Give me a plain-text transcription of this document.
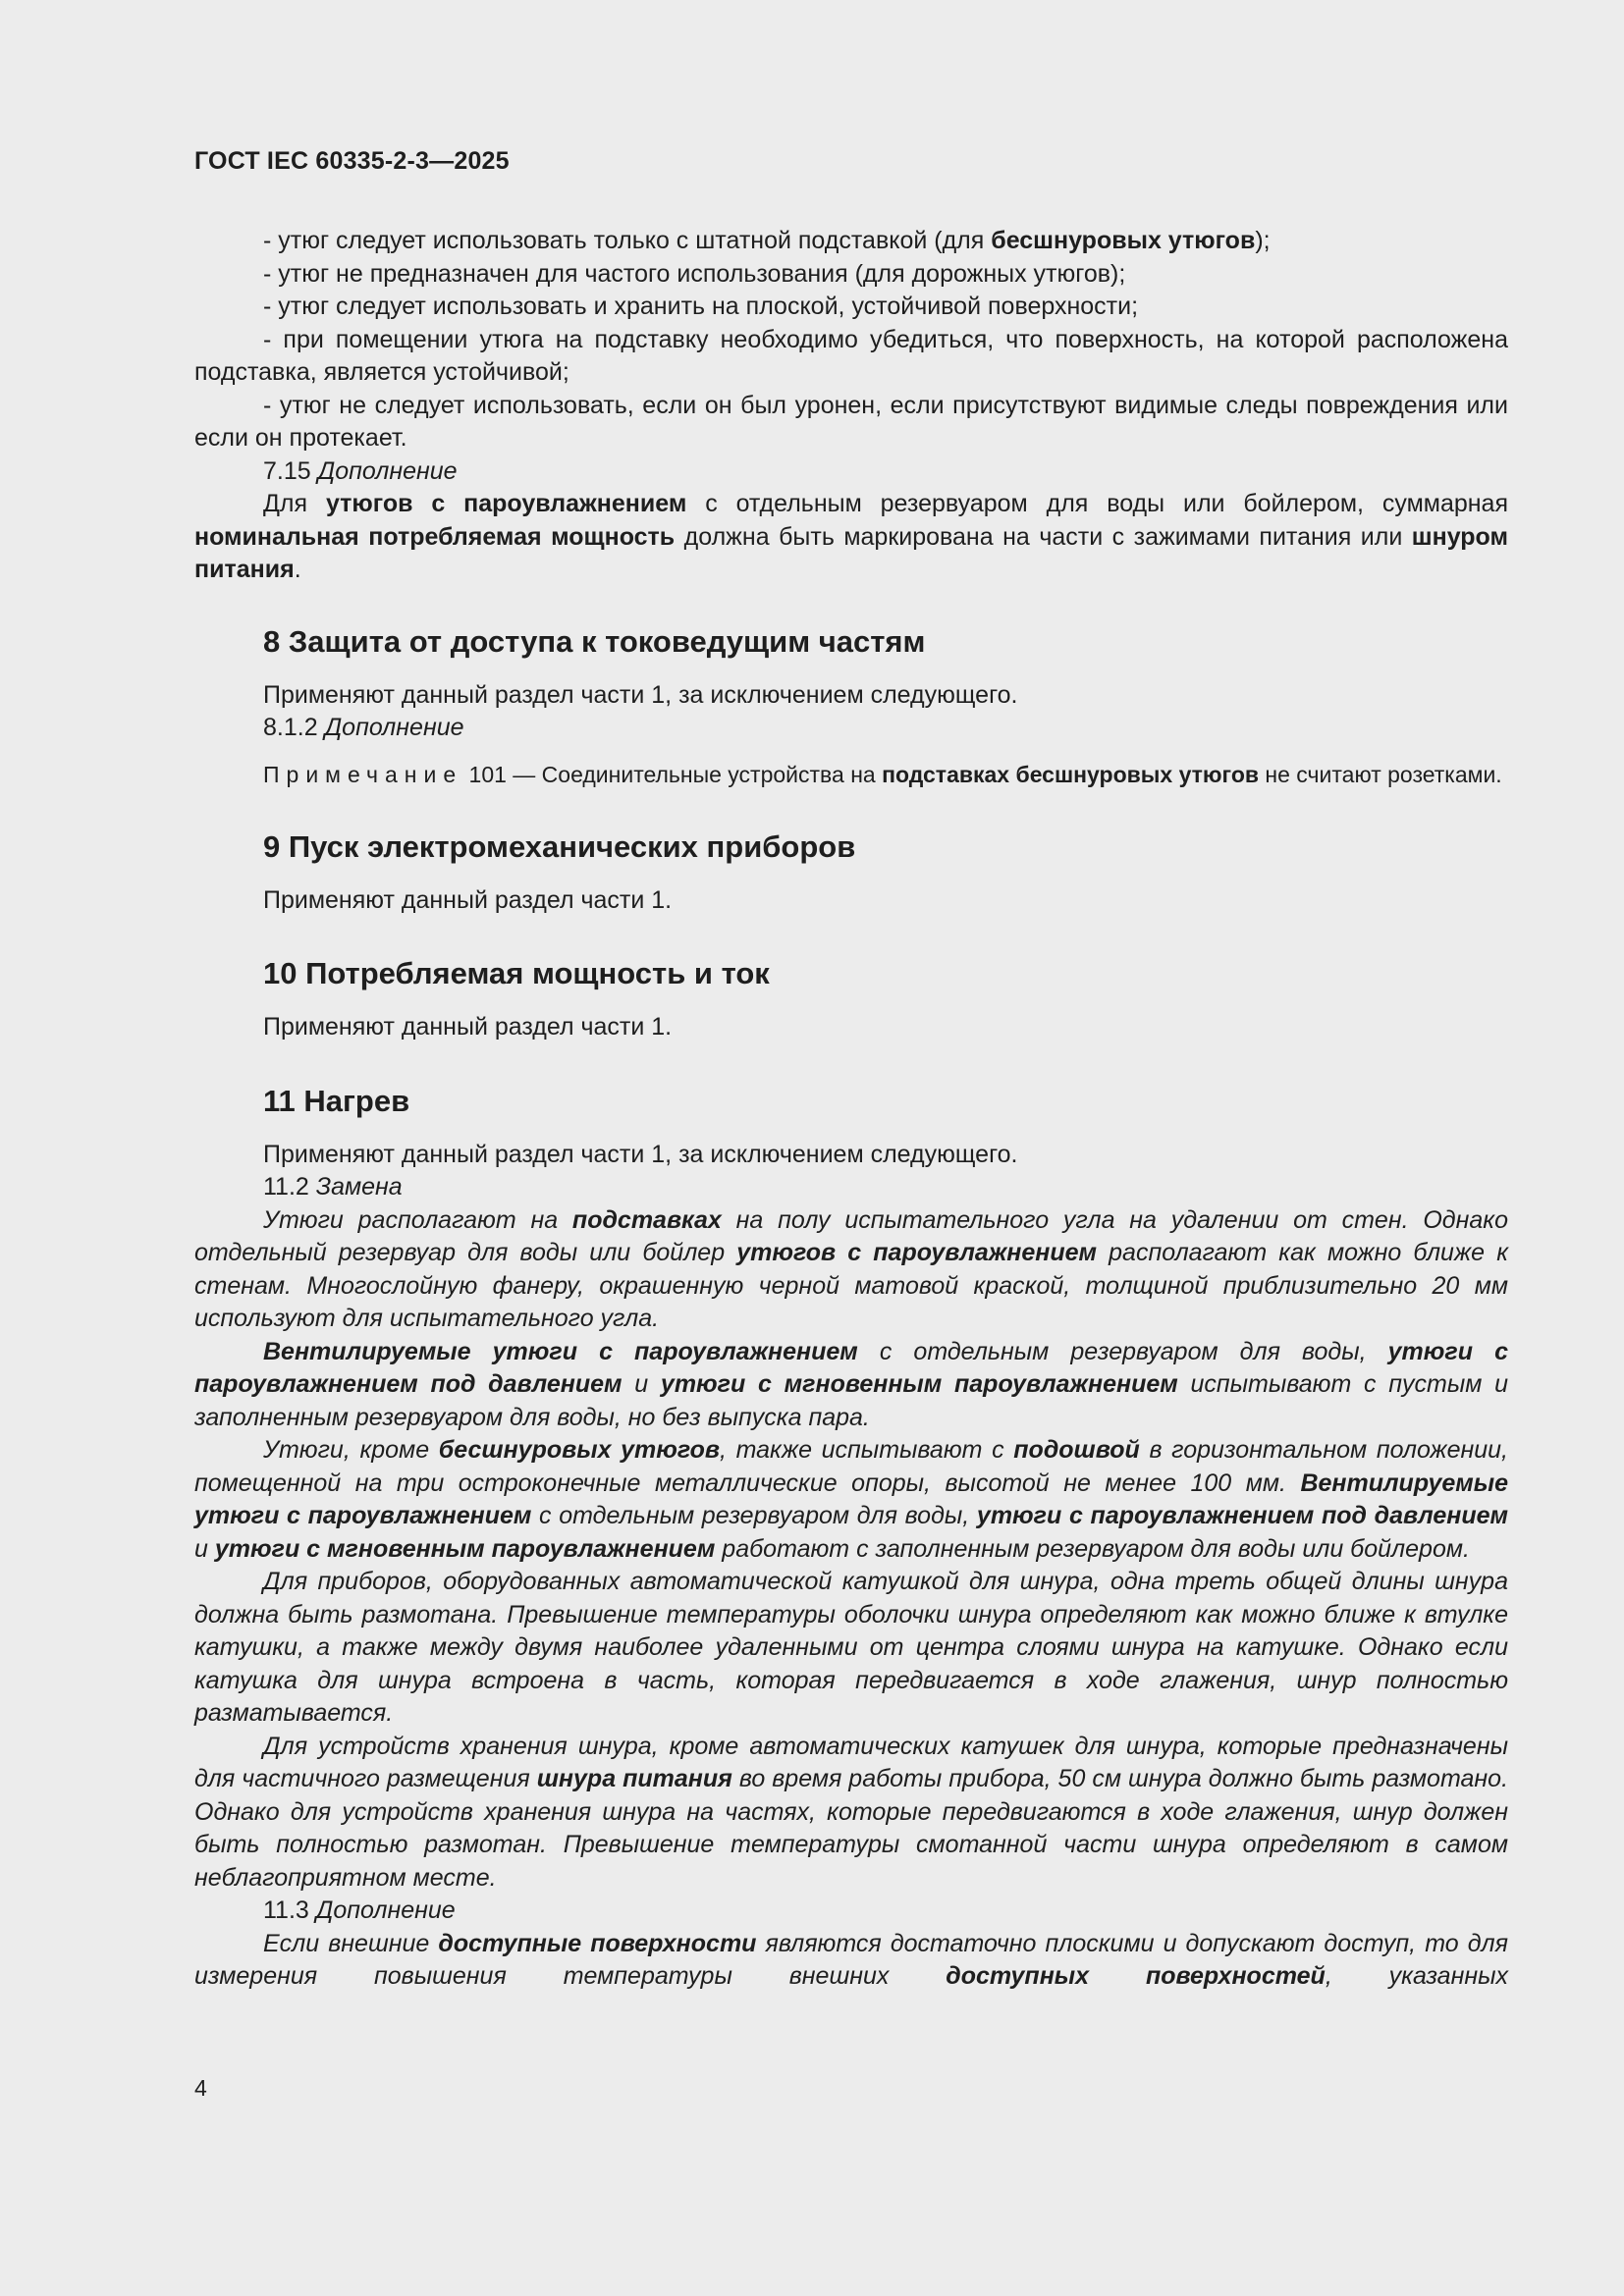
ГОСТ IEC 60335-2-3—2025

- утюг следует использовать только с штатной подставкой (для бесшнуровых утюгов);

- утюг не предназначен для частого использования (для дорожных утюгов);

- утюг следует использовать и хранить на плоской, устойчивой поверхности;

- при помещении утюга на подставку необходимо убедиться, что поверхность, на которой расположена подставка, является устойчивой;

- утюг не следует использовать, если он был уронен, если присутствуют видимые следы повреждения или если он протекает.

7.15 Дополнение

Для утюгов с пароувлажнением с отдельным резервуаром для воды или бойлером, суммарная номинальная потребляемая мощность должна быть маркирована на части с зажимами питания или шнуром питания.

8 Защита от доступа к токоведущим частям

Применяют данный раздел части 1, за исключением следующего.

8.1.2 Дополнение

Примечание 101 — Соединительные устройства на подставках бесшнуровых утюгов не считают розетками.

9 Пуск электромеханических приборов

Применяют данный раздел части 1.

10 Потребляемая мощность и ток

Применяют данный раздел части 1.

11 Нагрев

Применяют данный раздел части 1, за исключением следующего.

11.2 Замена

Утюги располагают на подставках на полу испытательного угла на удалении от стен. Однако отдельный резервуар для воды или бойлер утюгов с пароувлажнением располагают как можно ближе к стенам. Многослойную фанеру, окрашенную черной матовой краской, толщиной приблизительно 20 мм используют для испытательного угла.

Вентилируемые утюги с пароувлажнением с отдельным резервуаром для воды, утюги с пароувлажнением под давлением и утюги с мгновенным пароувлажнением испытывают с пустым и заполненным резервуаром для воды, но без выпуска пара.

Утюги, кроме бесшнуровых утюгов, также испытывают с подошвой в горизонтальном положении, помещенной на три остроконечные металлические опоры, высотой не менее 100 мм. Вентилируемые утюги с пароувлажнением с отдельным резервуаром для воды, утюги с пароувлажнением под давлением и утюги с мгновенным пароувлажнением работают с заполненным резервуаром для воды или бойлером.

Для приборов, оборудованных автоматической катушкой для шнура, одна треть общей длины шнура должна быть размотана. Превышение температуры оболочки шнура определяют как можно ближе к втулке катушки, а также между двумя наиболее удаленными от центра слоями шнура на катушке. Однако если катушка для шнура встроена в часть, которая передвигается в ходе глажения, шнур полностью разматывается.

Для устройств хранения шнура, кроме автоматических катушек для шнура, которые предназначены для частичного размещения шнура питания во время работы прибора, 50 см шнура должно быть размотано. Однако для устройств хранения шнура на частях, которые передвигаются в ходе глажения, шнур должен быть полностью размотан. Превышение температуры смотанной части шнура определяют в самом неблагоприятном месте.

11.3 Дополнение

Если внешние доступные поверхности являются достаточно плоскими и допускают доступ, то для измерения повышения температуры внешних доступных поверхностей, указанных

4
